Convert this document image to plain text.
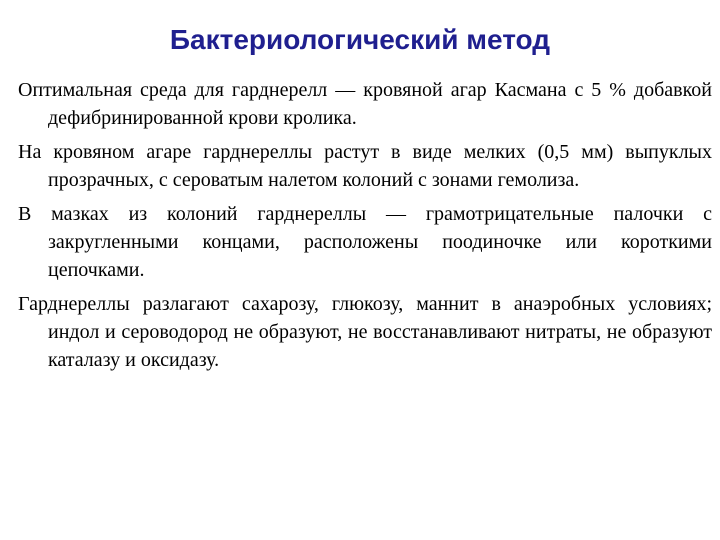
Бактериологический метод

Оптимальная среда для гарднерелл — кровяной агар Касмана с 5 % добавкой дефибринированной крови кролика.

На кровяном агаре гарднереллы растут в виде мелких (0,5 мм) выпуклых прозрачных, с сероватым налетом колоний с зонами гемолиза.

В мазках из колоний гарднереллы — грамотрицательные палочки с закругленными концами, расположены поодиночке или короткими цепочками.

Гарднереллы разлагают сахарозу, глюкозу, маннит в анаэробных условиях; индол и сероводород не образуют, не восстанавливают нитраты, не образуют каталазу и оксидазу.
